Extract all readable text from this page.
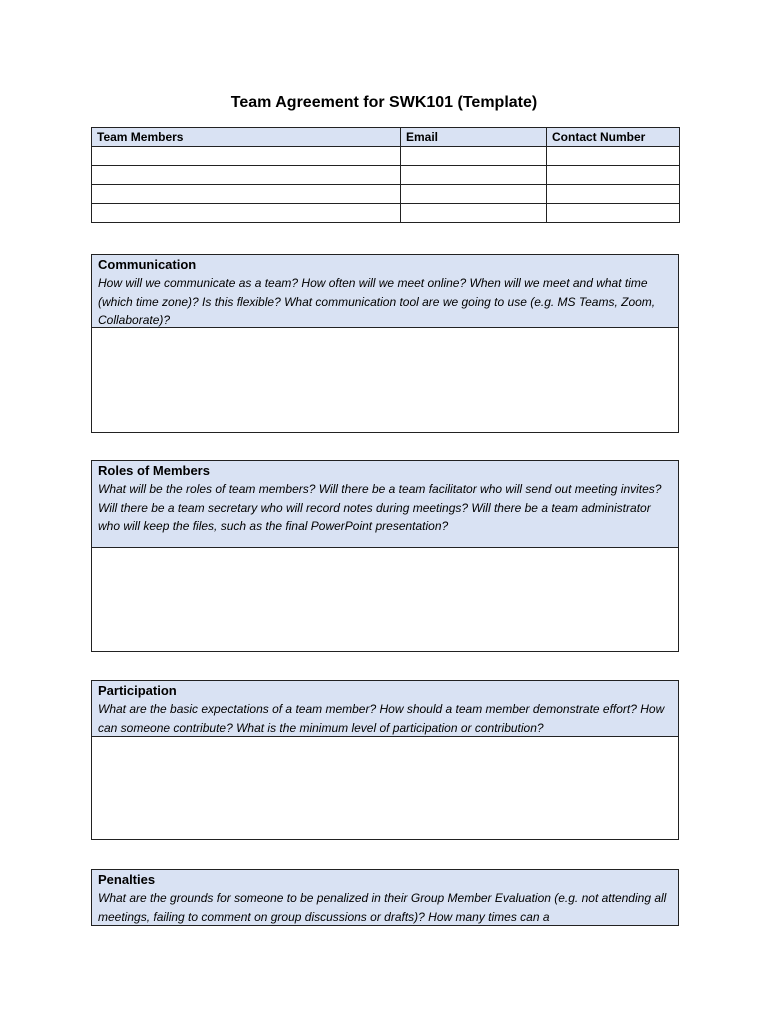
Team Agreement for SWK101 (Template)
Team Members	Email	Contact Number

Communication
How will we communicate as a team? How often will we meet online? When will we meet and what time (which time zone)? Is this flexible? What communication tool are we going to use (e.g. MS Teams, Zoom, Collaborate)?
Roles of Members
What will be the roles of team members? Will there be a team facilitator who will send out meeting invites? Will there be a team secretary who will record notes during meetings? Will there be a team administrator who will keep the files, such as the final PowerPoint presentation?
Participation
What are the basic expectations of a team member? How should a team member demonstrate effort? How can someone contribute? What is the minimum level of participation or contribution?
Penalties
What are the grounds for someone to be penalized in their Group Member Evaluation (e.g. not attending all meetings, failing to comment on group discussions or drafts)? How many times can a
